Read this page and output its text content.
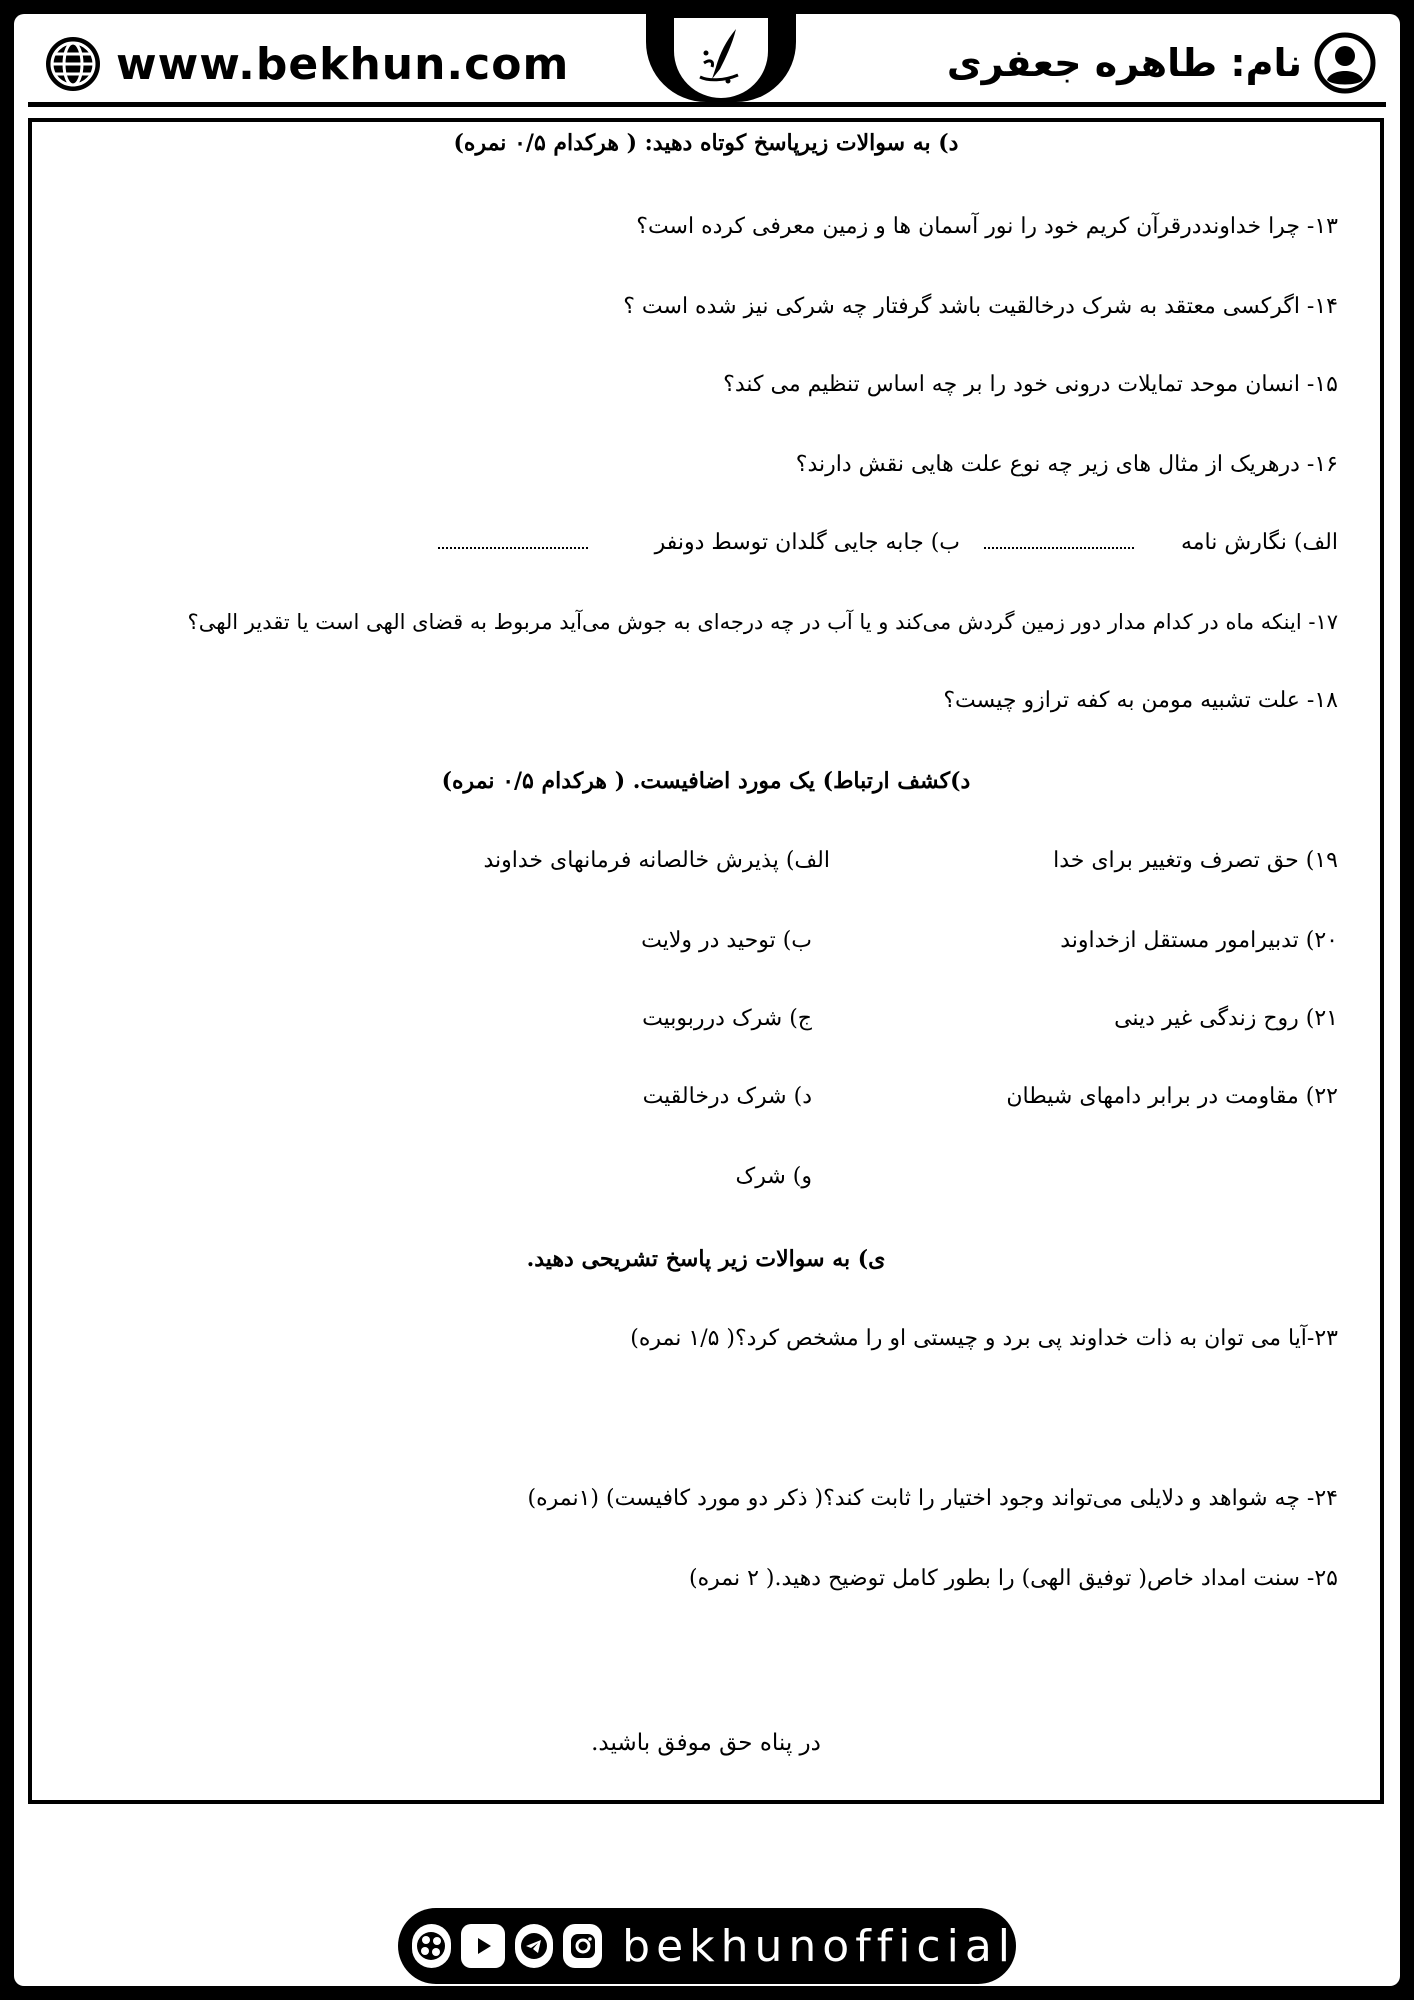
www.bekhun.com	نام: طاهره جعفری
د) به سوالات زیرپاسخ کوتاه دهید: ( هرکدام ۰/۵ نمره)
۱۳- چرا خداونددرقرآن کریم خود را نور آسمان ها و زمین معرفی کرده است؟
۱۴- اگرکسی معتقد به شرک درخالقیت باشد گرفتار چه شرکی نیز شده است ؟
۱۵- انسان موحد تمایلات درونی خود را بر چه اساس تنظیم می کند؟
۱۶- درهریک از مثال های زیر چه نوع علت هایی نقش دارند؟
الف) نگارش نامه
ب) جابه جایی گلدان توسط دونفر
۱۷- اینکه ماه در کدام مدار دور زمین گردش می‌کند و یا آب در چه درجه‌ای به جوش می‌آید مربوط به قضای الهی است یا تقدیر الهی؟
۱۸- علت تشبیه مومن به کفه ترازو چیست؟
د)کشف ارتباط) یک مورد اضافیست. ( هرکدام ۰/۵ نمره)
۱۹) حق تصرف وتغییر برای خدا
۲۰) تدبیرامور مستقل ازخداوند
۲۱) روح زندگی غیر دینی
۲۲) مقاومت در برابر دامهای شیطان
الف) پذیرش خالصانه فرمانهای خداوند
ب) توحید در ولایت
ج) شرک درربوبیت
د) شرک درخالقیت
و) شرک
ی) به سوالات زیر پاسخ تشریحی دهید.
۲۳-آیا می توان به ذات خداوند پی برد و چیستی او را مشخص کرد؟( ۱/۵ نمره)
۲۴- چه شواهد و دلایلی می‌تواند وجود اختیار را ثابت کند؟( ذکر دو مورد کافیست) (۱نمره)
۲۵- سنت امداد خاص( توفیق الهی) را بطور کامل توضیح دهید.( ۲ نمره)
در پناه حق موفق باشید.
bekhunofficial
